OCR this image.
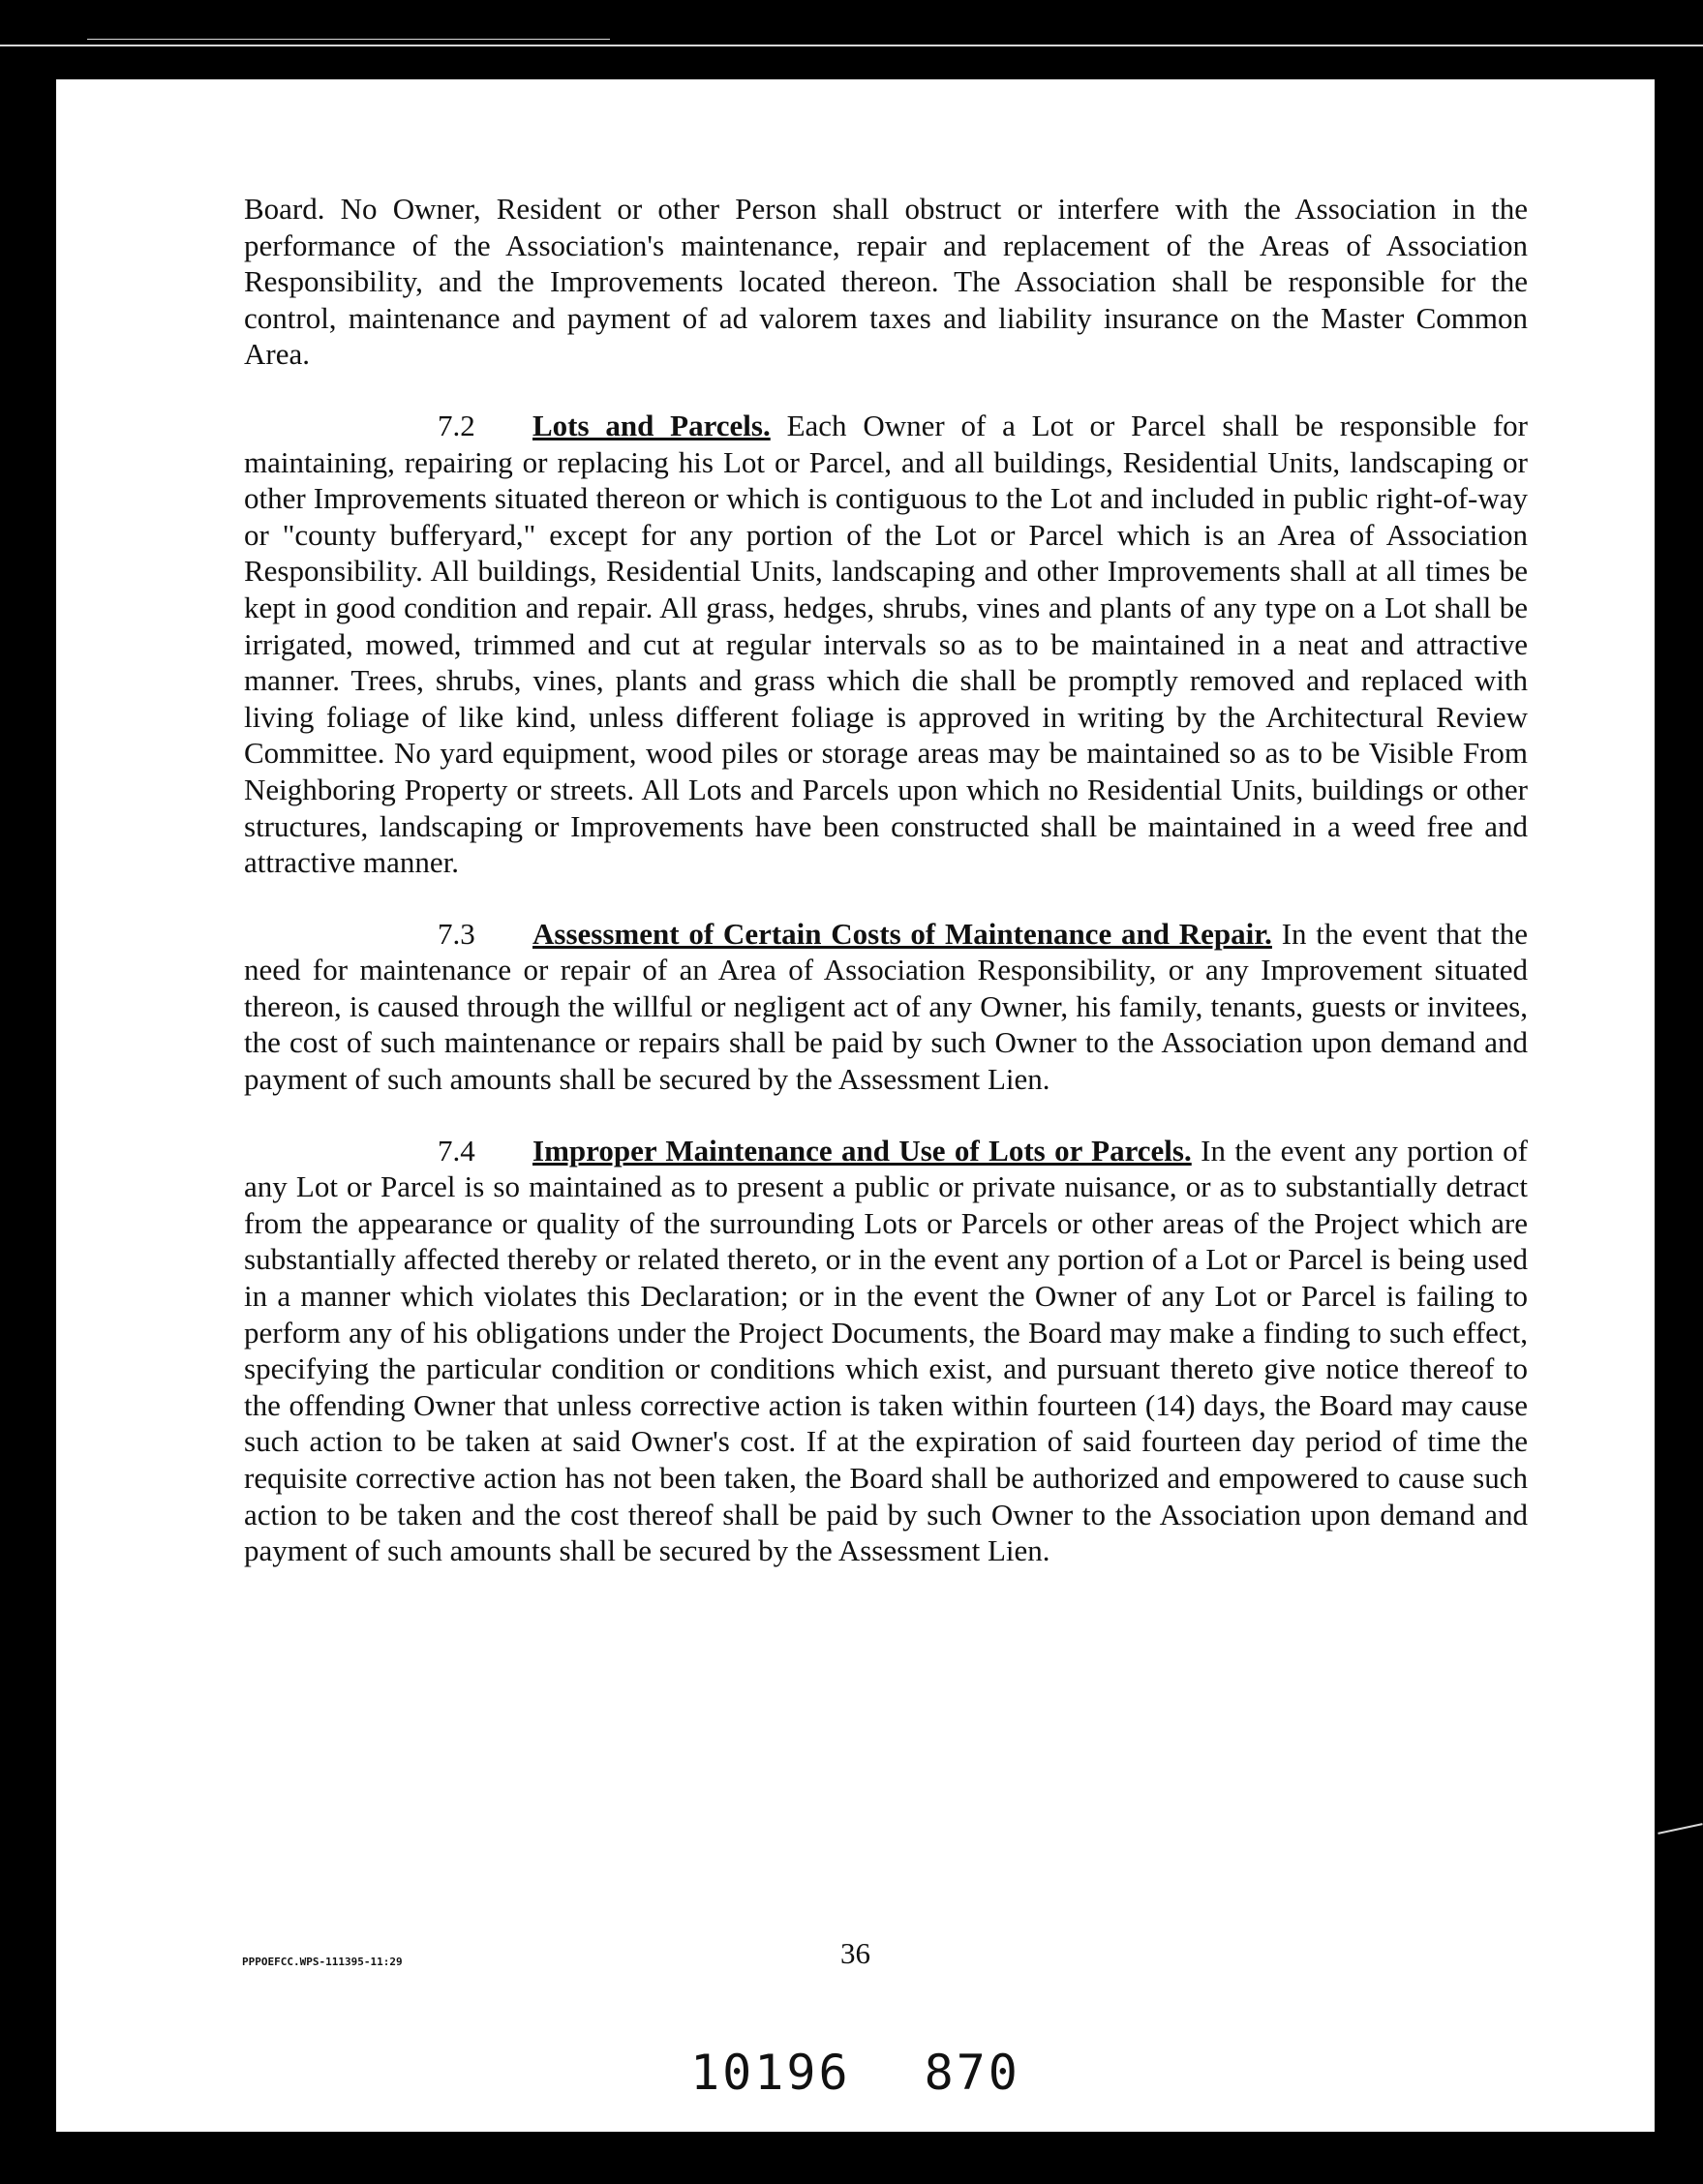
Board. No Owner, Resident or other Person shall obstruct or interfere with the Association in the performance of the Association's maintenance, repair and replacement of the Areas of Association Responsibility, and the Improvements located thereon. The Association shall be responsible for the control, maintenance and payment of ad valorem taxes and liability insurance on the Master Common Area.

7.2 Lots and Parcels. Each Owner of a Lot or Parcel shall be responsible for maintaining, repairing or replacing his Lot or Parcel, and all buildings, Residential Units, landscaping or other Improvements situated thereon or which is contiguous to the Lot and included in public right-of-way or "county bufferyard," except for any portion of the Lot or Parcel which is an Area of Association Responsibility. All buildings, Residential Units, landscaping and other Improvements shall at all times be kept in good condition and repair. All grass, hedges, shrubs, vines and plants of any type on a Lot shall be irrigated, mowed, trimmed and cut at regular intervals so as to be maintained in a neat and attractive manner. Trees, shrubs, vines, plants and grass which die shall be promptly removed and replaced with living foliage of like kind, unless different foliage is approved in writing by the Architectural Review Committee. No yard equipment, wood piles or storage areas may be maintained so as to be Visible From Neighboring Property or streets. All Lots and Parcels upon which no Residential Units, buildings or other structures, landscaping or Improvements have been constructed shall be maintained in a weed free and attractive manner.

7.3 Assessment of Certain Costs of Maintenance and Repair. In the event that the need for maintenance or repair of an Area of Association Responsibility, or any Improvement situated thereon, is caused through the willful or negligent act of any Owner, his family, tenants, guests or invitees, the cost of such maintenance or repairs shall be paid by such Owner to the Association upon demand and payment of such amounts shall be secured by the Assessment Lien.

7.4 Improper Maintenance and Use of Lots or Parcels. In the event any portion of any Lot or Parcel is so maintained as to present a public or private nuisance, or as to substantially detract from the appearance or quality of the surrounding Lots or Parcels or other areas of the Project which are substantially affected thereby or related thereto, or in the event any portion of a Lot or Parcel is being used in a manner which violates this Declaration; or in the event the Owner of any Lot or Parcel is failing to perform any of his obligations under the Project Documents, the Board may make a finding to such effect, specifying the particular condition or conditions which exist, and pursuant thereto give notice thereof to the offending Owner that unless corrective action is taken within fourteen (14) days, the Board may cause such action to be taken at said Owner's cost. If at the expiration of said fourteen day period of time the requisite corrective action has not been taken, the Board shall be authorized and empowered to cause such action to be taken and the cost thereof shall be paid by such Owner to the Association upon demand and payment of such amounts shall be secured by the Assessment Lien.

PPPOEFCC.WPS-111395-11:29	36
10196 870
